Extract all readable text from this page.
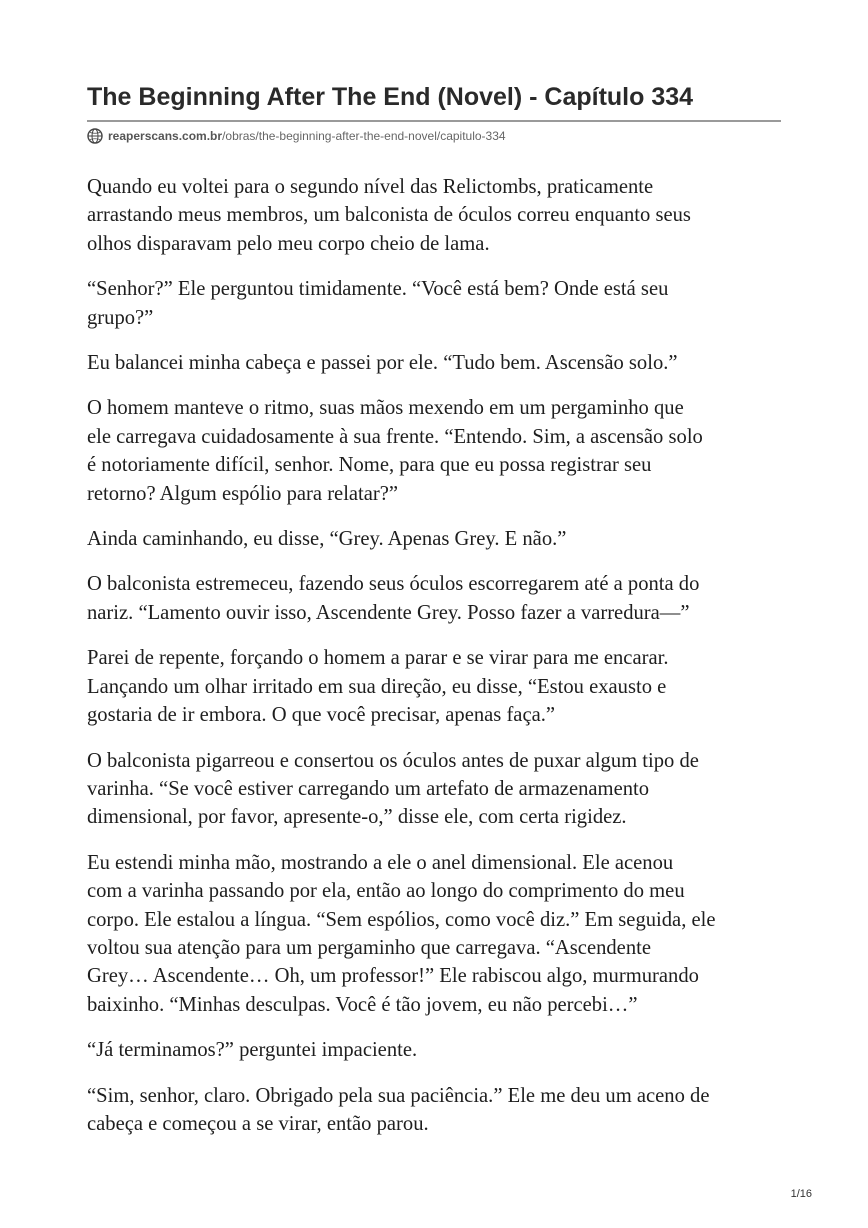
The Beginning After The End (Novel) - Capítulo 334
reaperscans.com.br /obras/the-beginning-after-the-end-novel/capitulo-334

Quando eu voltei para o segundo nível das Relictombs, praticamente
arrastando meus membros, um balconista de óculos correu enquanto seus
olhos disparavam pelo meu corpo cheio de lama.

“Senhor?” Ele perguntou timidamente. “Você está bem? Onde está seu
grupo?”

Eu balancei minha cabeça e passei por ele. “Tudo bem. Ascensão solo.”

O homem manteve o ritmo, suas mãos mexendo em um pergaminho que
ele carregava cuidadosamente à sua frente. “Entendo. Sim, a ascensão solo
é notoriamente difícil, senhor. Nome, para que eu possa registrar seu
retorno? Algum espólio para relatar?”

Ainda caminhando, eu disse, “Grey. Apenas Grey. E não.”

O balconista estremeceu, fazendo seus óculos escorregarem até a ponta do
nariz. “Lamento ouvir isso, Ascendente Grey. Posso fazer a varredura—”

Parei de repente, forçando o homem a parar e se virar para me encarar.
Lançando um olhar irritado em sua direção, eu disse, “Estou exausto e
gostaria de ir embora. O que você precisar, apenas faça.”

O balconista pigarreou e consertou os óculos antes de puxar algum tipo de
varinha. “Se você estiver carregando um artefato de armazenamento
dimensional, por favor, apresente-o,” disse ele, com certa rigidez.

Eu estendi minha mão, mostrando a ele o anel dimensional. Ele acenou
com a varinha passando por ela, então ao longo do comprimento do meu
corpo. Ele estalou a língua. “Sem espólios, como você diz.” Em seguida, ele
voltou sua atenção para um pergaminho que carregava. “Ascendente
Grey… Ascendente… Oh, um professor!” Ele rabiscou algo, murmurando
baixinho. “Minhas desculpas. Você é tão jovem, eu não percebi…”

“Já terminamos?” perguntei impaciente.

“Sim, senhor, claro. Obrigado pela sua paciência.” Ele me deu um aceno de
cabeça e começou a se virar, então parou.

1/16
